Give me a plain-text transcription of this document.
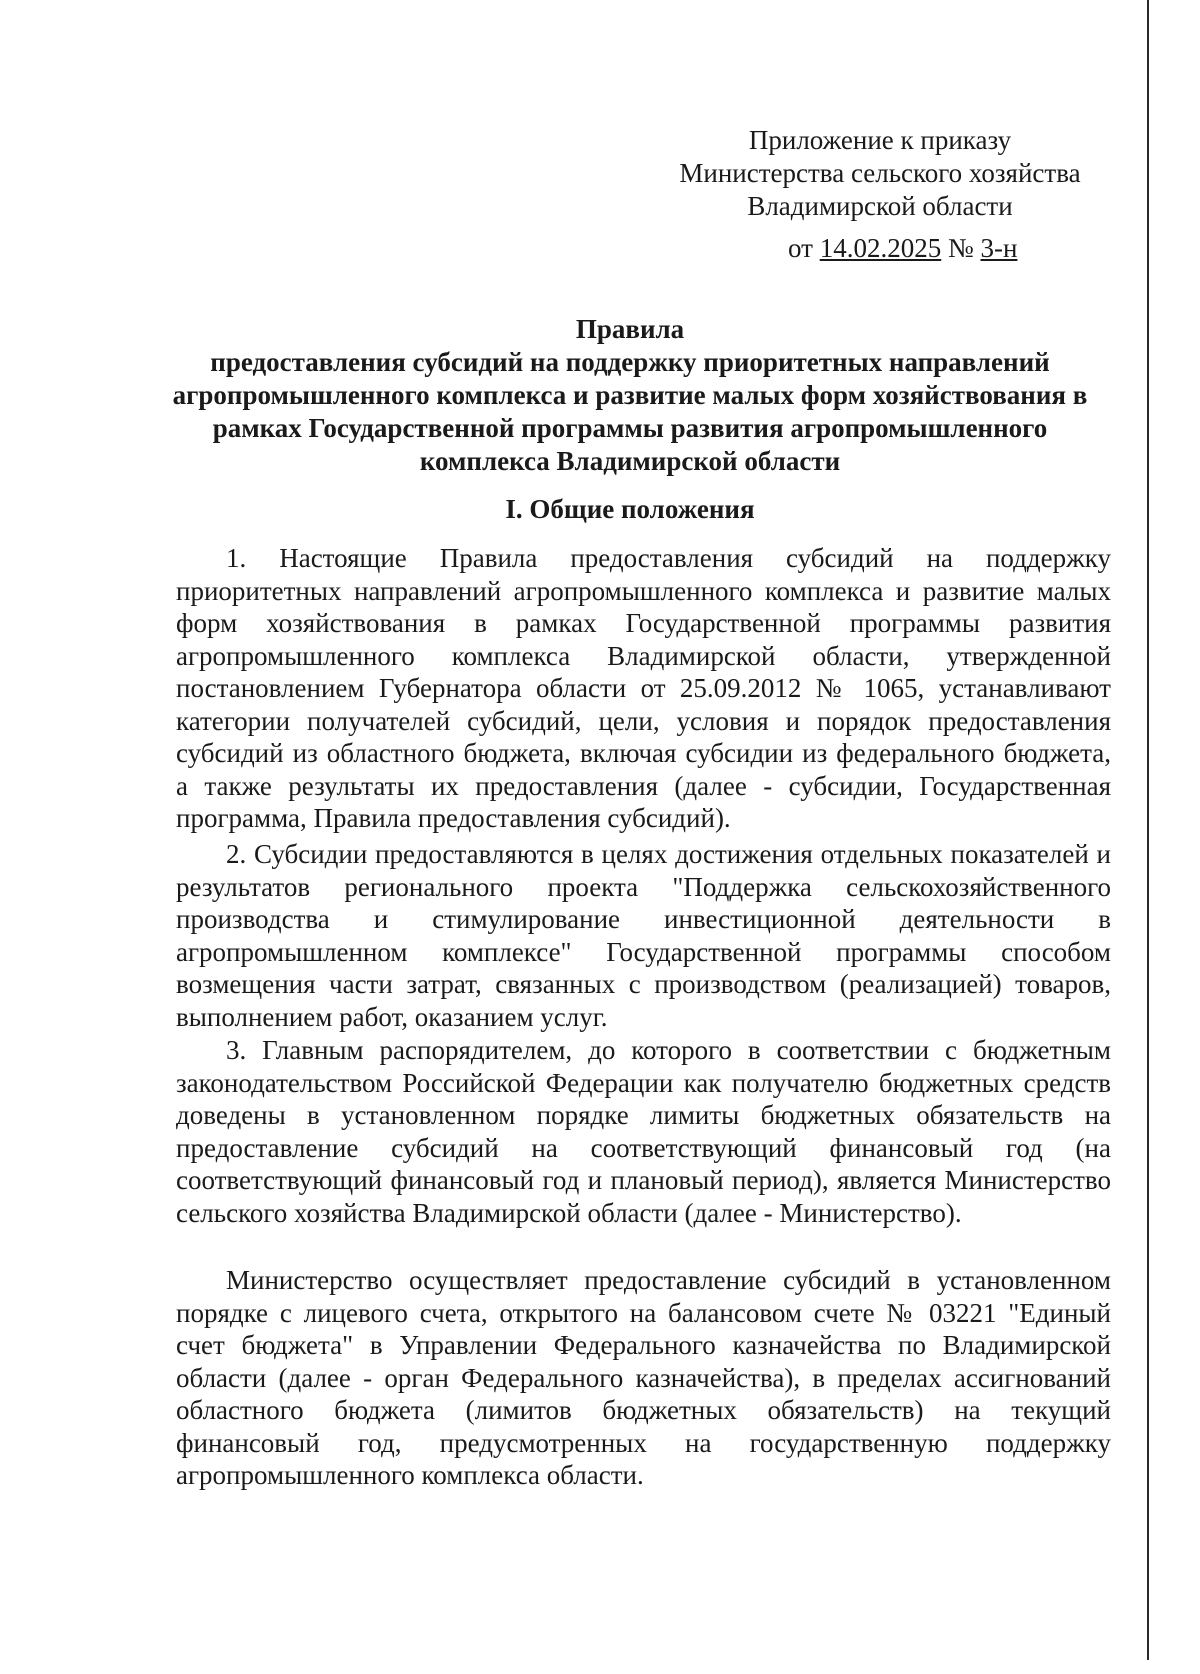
Приложение к приказу
Министерства сельского хозяйства
Владимирской области
от 14.02.2025 № 3-н
Правила
предоставления субсидий на поддержку приоритетных направлений
агропромышленного комплекса и развитие малых форм хозяйствования в
рамках Государственной программы развития агропромышленного
комплекса Владимирской области
I. Общие положения
1. Настоящие Правила предоставления субсидий на поддержку приоритетных направлений агропромышленного комплекса и развитие малых форм хозяйствования в рамках Государственной программы развития агропромышленного комплекса Владимирской области, утвержденной постановлением Губернатора области от 25.09.2012 № 1065, устанавливают категории получателей субсидий, цели, условия и порядок предоставления субсидий из областного бюджета, включая субсидии из федерального бюджета, а также результаты их предоставления (далее - субсидии, Государственная программа, Правила предоставления субсидий).
2. Субсидии предоставляются в целях достижения отдельных показателей и результатов регионального проекта "Поддержка сельскохозяйственного производства и стимулирование инвестиционной деятельности в агропромышленном комплексе" Государственной программы способом возмещения части затрат, связанных с производством (реализацией) товаров, выполнением работ, оказанием услуг.
3. Главным распорядителем, до которого в соответствии с бюджетным законодательством Российской Федерации как получателю бюджетных средств доведены в установленном порядке лимиты бюджетных обязательств на предоставление субсидий на соответствующий финансовый год (на соответствующий финансовый год и плановый период), является Министерство сельского хозяйства Владимирской области (далее - Министерство).
Министерство осуществляет предоставление субсидий в установленном порядке с лицевого счета, открытого на балансовом счете № 03221 "Единый счет бюджета" в Управлении Федерального казначейства по Владимирской области (далее - орган Федерального казначейства), в пределах ассигнований областного бюджета (лимитов бюджетных обязательств) на текущий финансовый год, предусмотренных на государственную поддержку агропромышленного комплекса области.
